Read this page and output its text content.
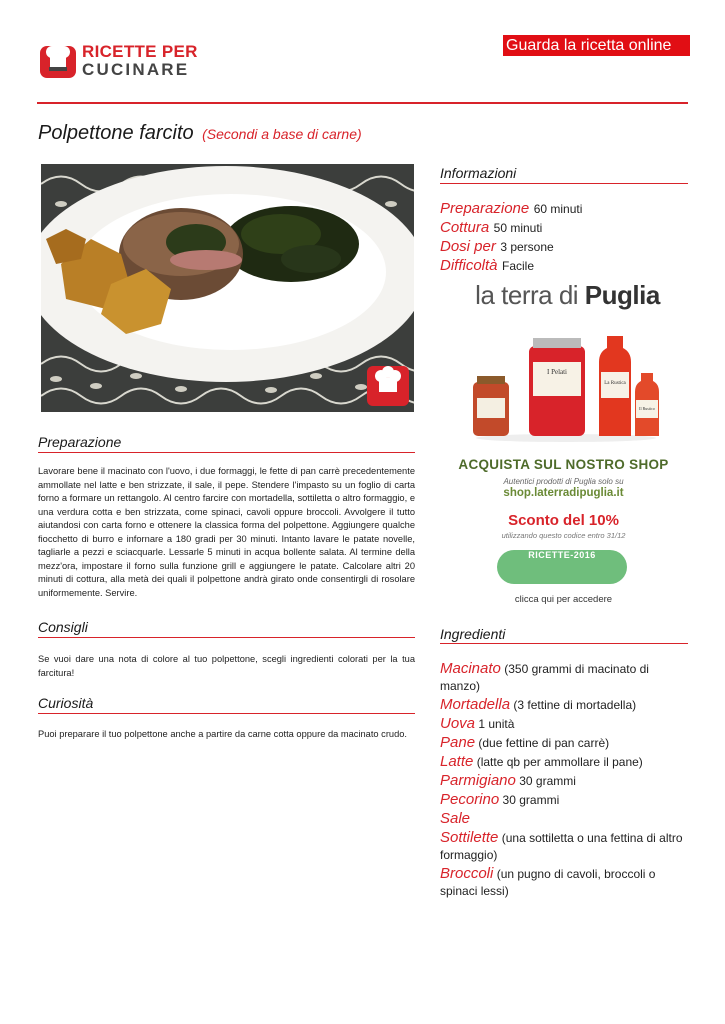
RICETTE PER
CUCINARE
Guarda la ricetta online
Polpettone farcito (Secondi a base di carne)
Preparazione
Lavorare bene il macinato con l'uovo, i due formaggi, le fette di pan carrè precedentemente ammollate nel latte e ben strizzate, il sale, il pepe. Stendere l'impasto su un foglio di carta forno a formare un rettangolo. Al centro farcire con mortadella, sottiletta o altro formaggio, e una verdura cotta e ben strizzata, come spinaci, cavoli oppure broccoli. Avvolgere il tutto aiutandosi con carta forno e ottenere la classica forma del polpettone. Aggiungere qualche fiocchetto di burro e infornare a 180 gradi per 30 minuti. Intanto lavare le patate novelle, tagliarle a pezzi e sciacquarle. Lessarle 5 minuti in acqua bollente salata. Al termine della mezz'ora, impostare il forno sulla funzione grill e aggiungere le patate. Calcolare altri 20 minuti di cottura, alla metà dei quali il polpettone andrà girato onde consentirgli di rosolare uniformemente. Servire.
Consigli
Se vuoi dare una nota di colore al tuo polpettone, scegli ingredienti colorati per la tua farcitura!
Curiosità
Puoi preparare il tuo polpettone anche a partire da carne cotta oppure da macinato crudo.
Informazioni
Preparazione 60 minuti
Cottura 50 minuti
Dosi per 3 persone
Difficoltà Facile
la terra di Puglia
I Pelati
La Rustica
Il Rustico
ACQUISTA SUL NOSTRO SHOP
Autentici prodotti di Puglia solo su
shop.laterradipuglia.it
Sconto del 10%
utilizzando questo codice entro 31/12
RICETTE-2016
clicca qui per accedere
Ingredienti
Macinato (350 grammi di macinato di manzo)
Mortadella (3 fettine di mortadella)
Uova 1 unità
Pane (due fettine di pan carrè)
Latte (latte qb per ammollare il pane)
Parmigiano 30 grammi
Pecorino 30 grammi
Sale
Sottilette (una sottiletta o una fettina di altro formaggio)
Broccoli (un pugno di cavoli, broccoli o spinaci lessi)
